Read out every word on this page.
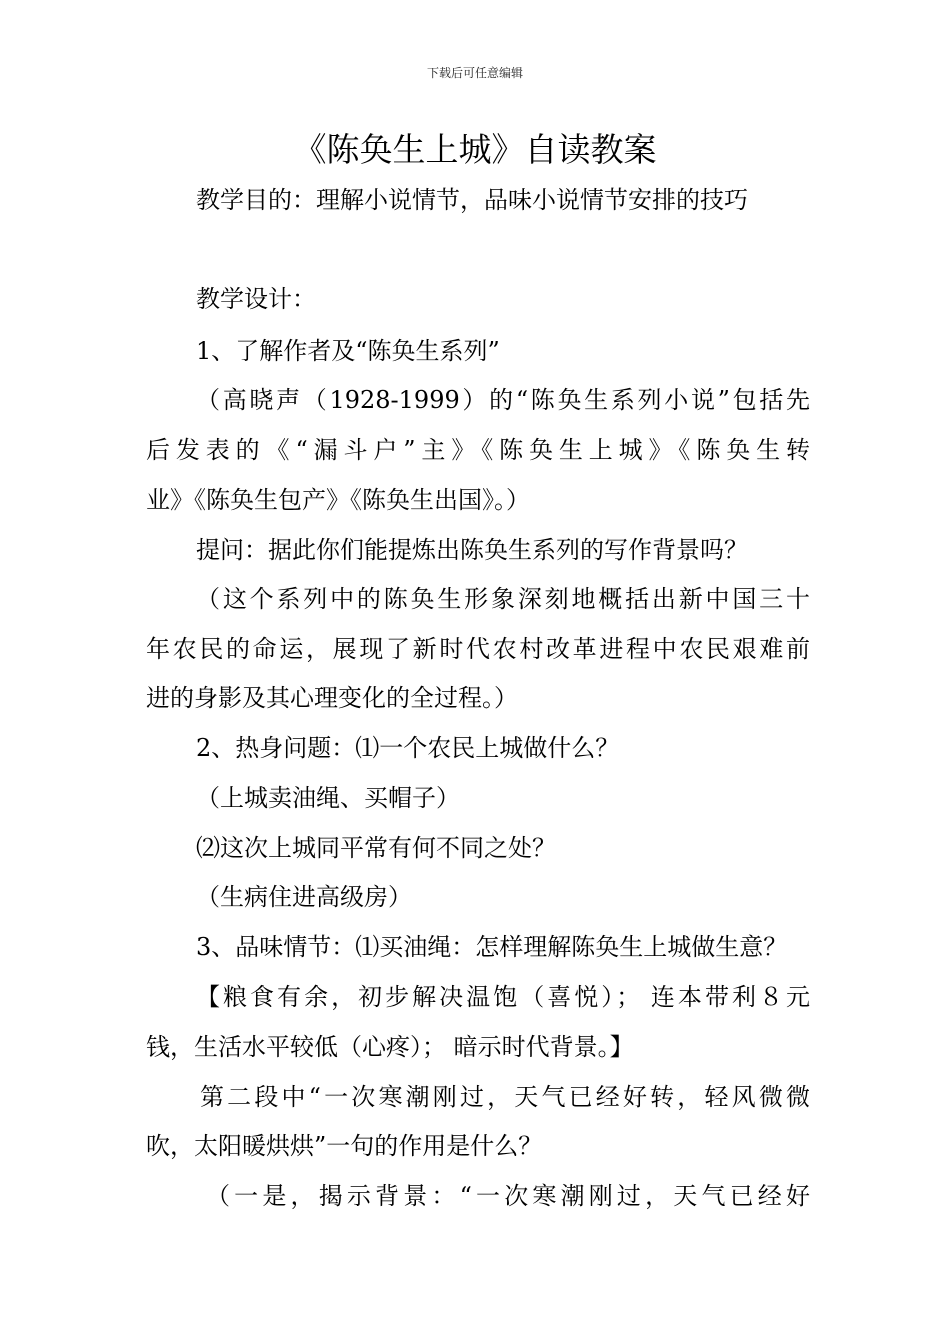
下载后可任意编辑
《陈奂生上城》自读教案
教学目的：理解小说情节，品味小说情节安排的技巧
教学设计：
1、了解作者及“陈奂生系列”
（高晓声（1928-1999）的“陈奂生系列小说”包括先
后发表的《“漏斗户”主》《陈奂生上城》《陈奂生转
业》《陈奂生包产》《陈奂生出国》。）
提问：据此你们能提炼出陈奂生系列的写作背景吗？
（这个系列中的陈奂生形象深刻地概括出新中国三十
年农民的命运，展现了新时代农村改革进程中农民艰难前
进的身影及其心理变化的全过程。）
2、热身问题：⑴一个农民上城做什么？
（上城卖油绳、买帽子）
⑵这次上城同平常有何不同之处？
（生病住进高级房）
3、品味情节：⑴买油绳：怎样理解陈奂生上城做生意？
【粮食有余，初步解决温饱（喜悦）； 连本带利８元
钱，生活水平较低（心疼）； 暗示时代背景。】
第二段中“一次寒潮刚过，天气已经好转，轻风微微
吹，太阳暖烘烘”一句的作用是什么？
（一是，揭示背景：“一次寒潮刚过，天气已经好
